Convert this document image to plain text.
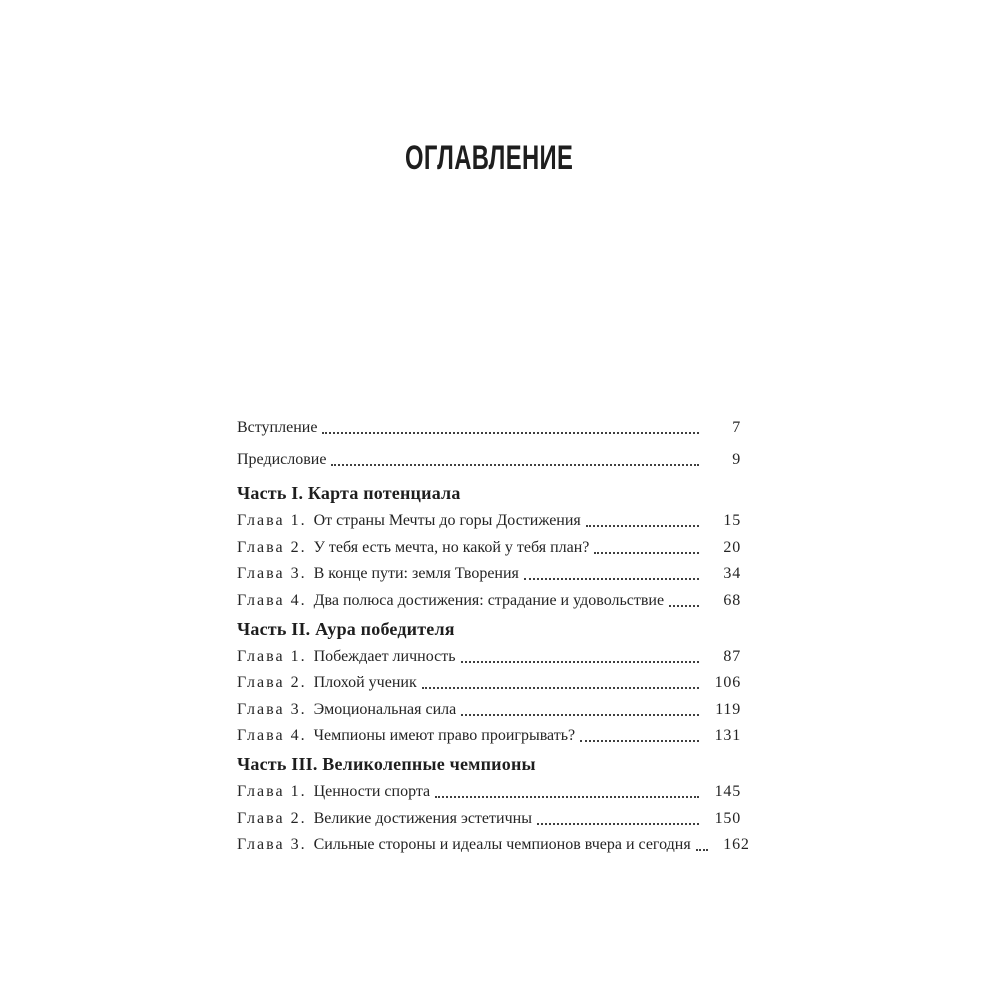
ОГЛАВЛЕНИЕ
Вступление	7
Предисловие	9
Часть I. Карта потенциала
Глава 1. От страны Мечты до горы Достижения	15
Глава 2. У тебя есть мечта, но какой у тебя план?	20
Глава 3. В конце пути: земля Творения	34
Глава 4. Два полюса достижения: страдание и удовольствие	68
Часть II. Аура победителя
Глава 1. Побеждает личность	87
Глава 2. Плохой ученик	106
Глава 3. Эмоциональная сила	119
Глава 4. Чемпионы имеют право проигрывать?	131
Часть III. Великолепные чемпионы
Глава 1. Ценности спорта	145
Глава 2. Великие достижения эстетичны	150
Глава 3. Сильные стороны и идеалы чемпионов вчера и сегодня	162
